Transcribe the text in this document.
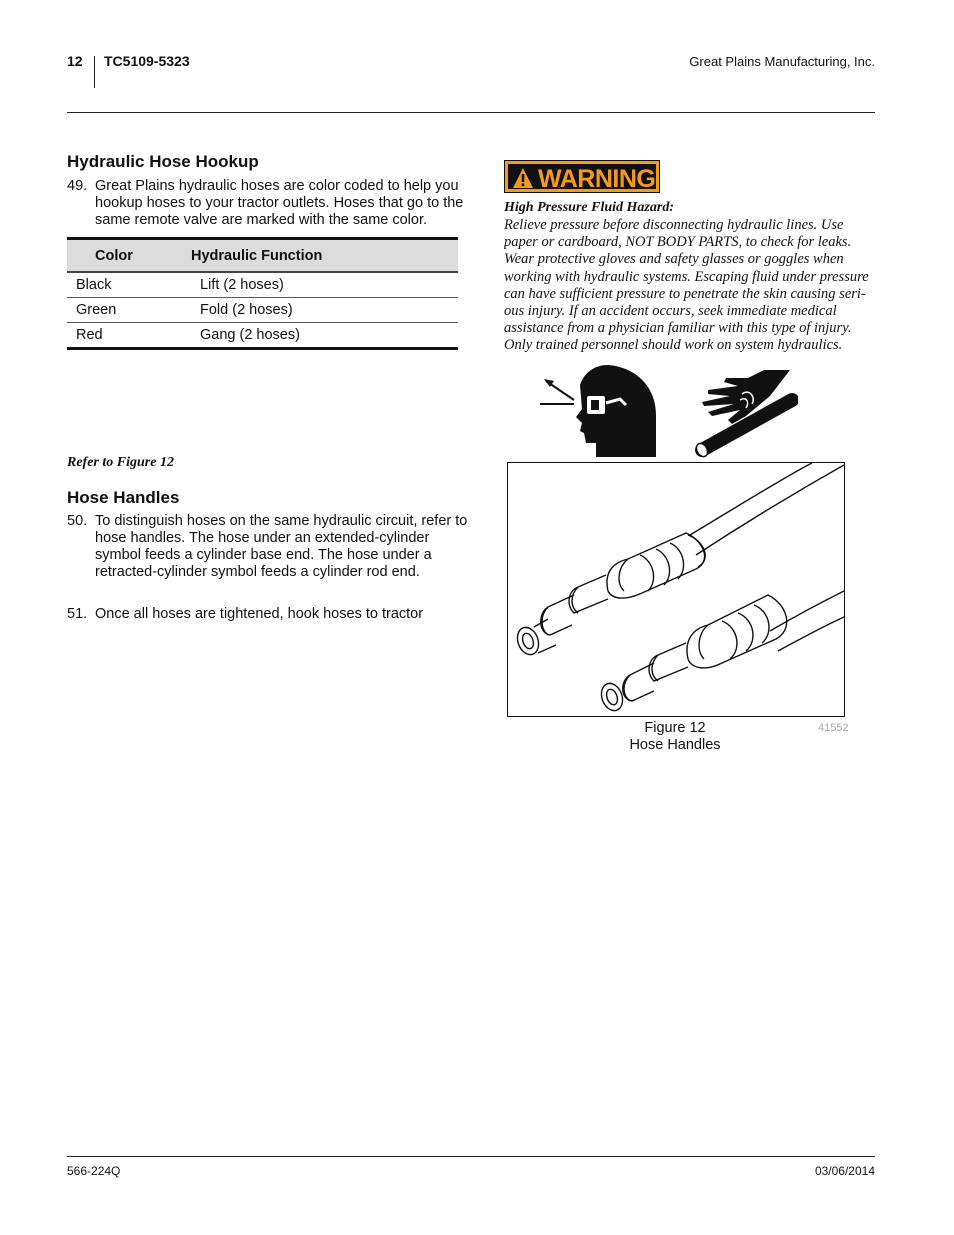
12 TC5109-5323	Great Plains Manufacturing, Inc.
Hydraulic Hose Hookup
49. Great Plains hydraulic hoses are color coded to help you hookup hoses to your tractor outlets. Hoses that go to the same remote valve are marked with the same color.
Color	Hydraulic Function
Black	Lift (2 hoses)
Green	Fold (2 hoses)
Red	Gang (2 hoses)
Refer to Figure 12
Hose Handles
50. To distinguish hoses on the same hydraulic circuit, refer to hose handles. The hose under an extended-cylinder symbol feeds a cylinder base end. The hose under a retracted-cylinder symbol feeds a cylinder rod end.
51. Once all hoses are tightened, hook hoses to tractor
WARNING
High Pressure Fluid Hazard:
Relieve pressure before disconnecting hydraulic lines. Use
paper or cardboard, NOT BODY PARTS, to check for leaks.
Wear protective gloves and safety glasses or goggles when
working with hydraulic systems. Escaping fluid under pressure
can have sufficient pressure to penetrate the skin causing seri-
ous injury. If an accident occurs, seek immediate medical
assistance from a physician familiar with this type of injury.
Only trained personnel should work on system hydraulics.
Figure 12
Hose Handles
41552
566-224Q	03/06/2014
